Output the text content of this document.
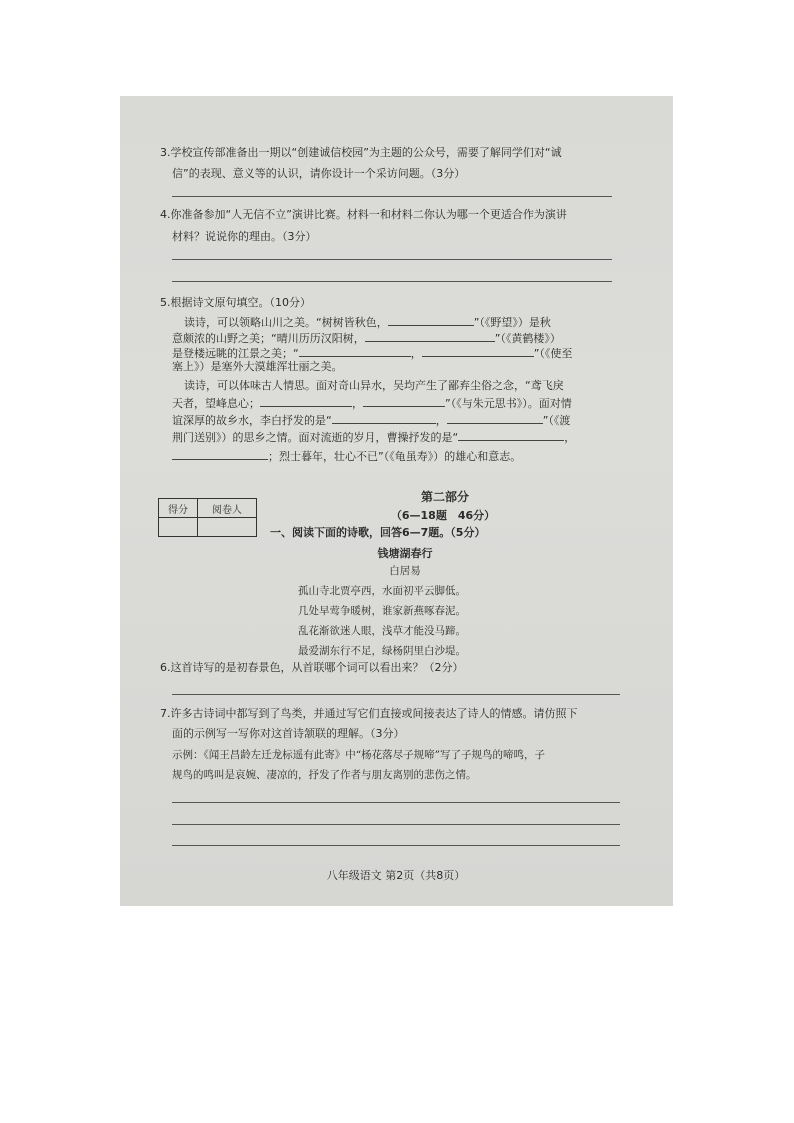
3.学校宣传部准备出一期以“创建诚信校园”为主题的公众号，需要了解同学们对“诚
信”的表现、意义等的认识，请你设计一个采访问题。（3分）
4.你准备参加“人无信不立”演讲比赛。材料一和材料二你认为哪一个更适合作为演讲
材料？说说你的理由。（3分）
5.根据诗文原句填空。（10分）
读诗，可以领略山川之美。“树树皆秋色，	”（《野望》）是秋
意颇浓的山野之美；“晴川历历汉阳树，	”（《黄鹤楼》）
是登楼远眺的江景之美；“	，	”（《使至
塞上》）是塞外大漠雄浑壮丽之美。
读诗，可以体味古人情思。面对奇山异水，吴均产生了鄙弃尘俗之念，“鸢飞戾
天者，望峰息心；	，	”（《与朱元思书》）。面对情
谊深厚的故乡水，李白抒发的是“	，	”（《渡
荆门送别》）的思乡之情。面对流逝的岁月，曹操抒发的是“	，
；烈士暮年，壮心不已”（《龟虽寿》）的雄心和意志。
得分	阅卷人

第二部分
（6—18题　46分）
一、阅读下面的诗歌，回答6—7题。（5分）
钱塘湖春行
白居易
孤山寺北贾亭西，水面初平云脚低。
几处早莺争暖树，谁家新燕啄春泥。
乱花渐欲迷人眼，浅草才能没马蹄。
最爱湖东行不足，绿杨阴里白沙堤。
6.这首诗写的是初春景色，从首联哪个词可以看出来？（2分）
7.许多古诗词中都写到了鸟类，并通过写它们直接或间接表达了诗人的情感。请仿照下
面的示例写一写你对这首诗颔联的理解。（3分）
示例：《闻王昌龄左迁龙标遥有此寄》中“杨花落尽子规啼”写了子规鸟的啼鸣，子
规鸟的鸣叫是哀婉、凄凉的，抒发了作者与朋友离别的悲伤之情。
八年级语文 第2页（共8页）
